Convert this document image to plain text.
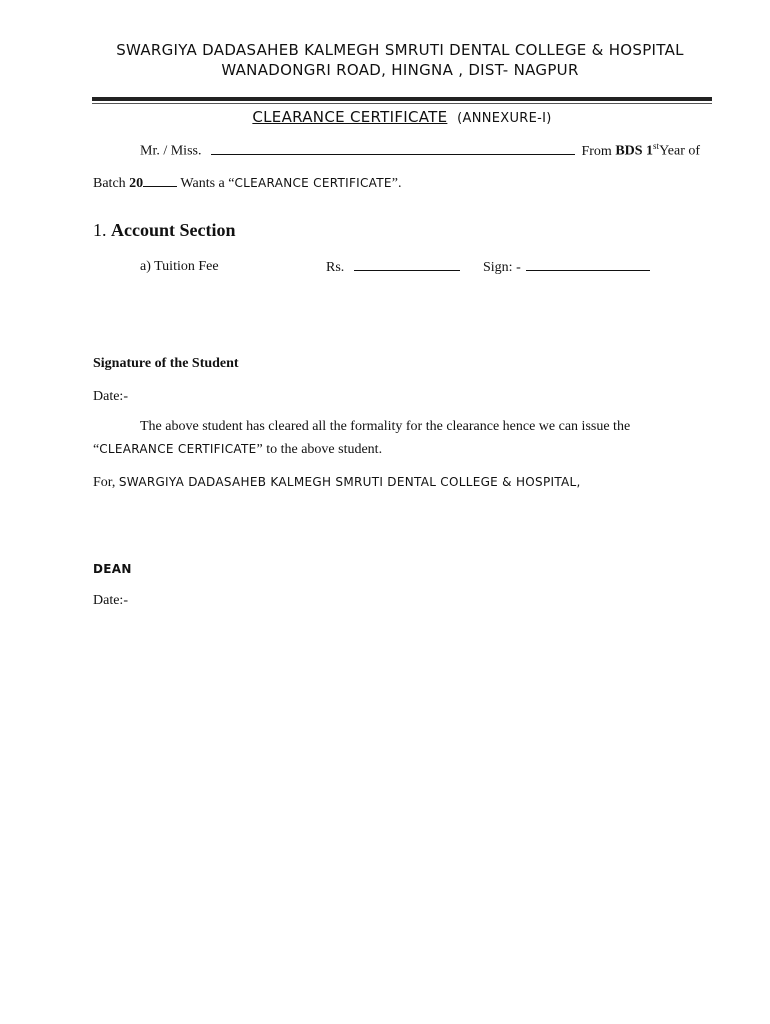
SWARGIYA DADASAHEB KALMEGH SMRUTI DENTAL COLLEGE & HOSPITAL
WANADONGRI ROAD, HINGNA , DIST- NAGPUR
CLEARANCE CERTIFICATE (ANNEXURE-I)
Mr. / Miss.	From BDS 1stYear of
Batch 20	Wants a “CLEARANCE CERTIFICATE”.
1. Account Section
a) Tuition Fee	Rs.	Sign: -
Signature of the Student
Date:-
The above student has cleared all the formality for the clearance hence we can issue the
“CLEARANCE CERTIFICATE” to the above student.
For, SWARGIYA DADASAHEB KALMEGH SMRUTI DENTAL COLLEGE & HOSPITAL,
DEAN
Date:-
